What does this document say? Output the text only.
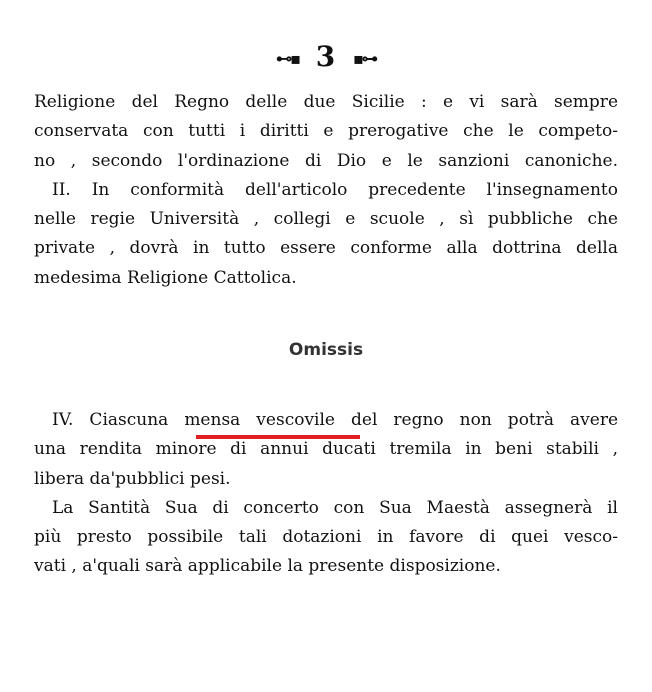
⊷▪ 3 ▪⊶
Religione del Regno delle due Sicilie : e vi sarà sempre
conservata con tutti i diritti e prerogative che le competo-
no , secondo l'ordinazione di Dio e le sanzioni canoniche.
II. In conformità dell'articolo precedente l'insegnamento
nelle regie Università , collegi e scuole , sì pubbliche che
private , dovrà in tutto essere conforme alla dottrina della
medesima Religione Cattolica.
Omissis
IV. Ciascuna mensa vescovile del regno non potrà avere
una rendita minore di annui ducati tremila in beni stabili ,
libera da'pubblici pesi.
La Santità Sua di concerto con Sua Maestà assegnerà il
più presto possibile tali dotazioni in favore di quei vesco-
vati , a'quali sarà applicabile la presente disposizione.
